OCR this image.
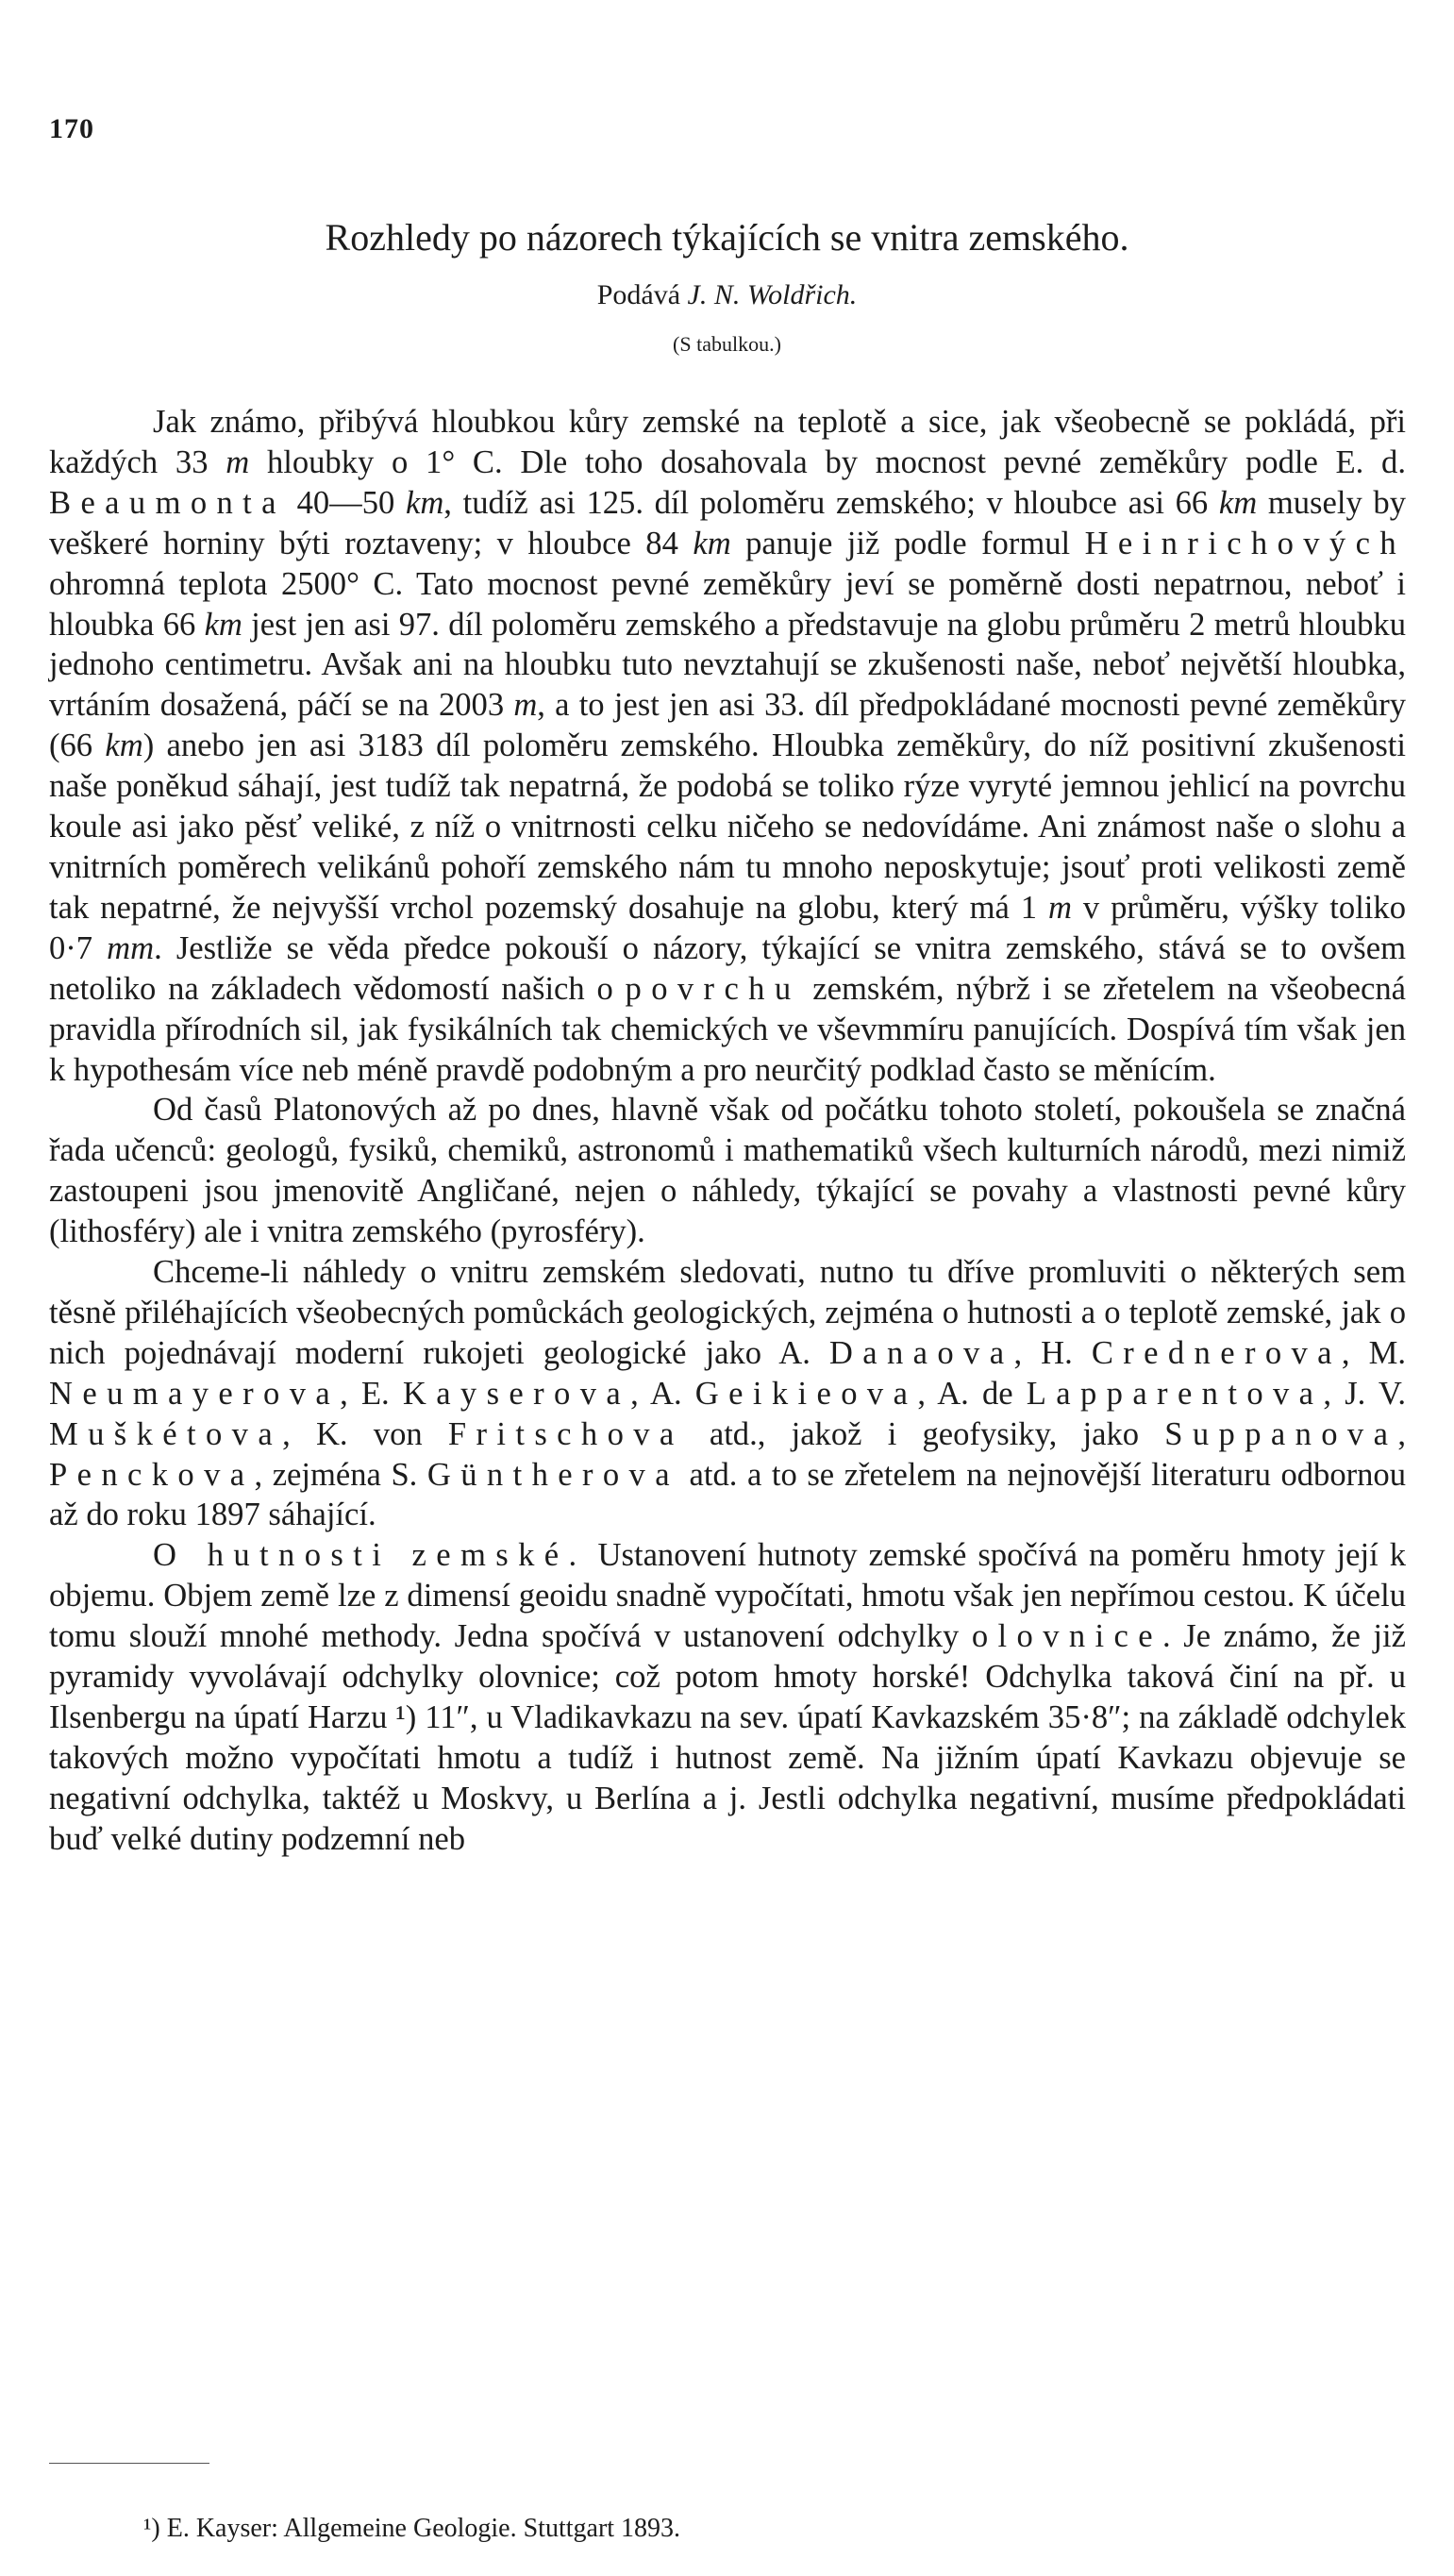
170
Rozhledy po názorech týkajících se vnitra zemského.
Podává J. N. Woldřich.
(S tabulkou.)

Jak známo, přibývá hloubkou kůry zemské na teplotě a sice, jak všeobecně se pokládá, při každých 33 m hloubky o 1° C. Dle toho dosahovala by mocnost pevné zeměkůry podle E. d. Beaumonta 40—50 km, tudíž asi 125. díl poloměru zemského; v hloubce asi 66 km musely by veškeré horniny býti roztaveny; v hloubce 84 km panuje již podle formul Heinrichových ohromná teplota 2500° C. Tato mocnost pevné zeměkůry jeví se poměrně dosti nepatrnou, neboť i hloubka 66 km jest jen asi 97. díl poloměru zemského a představuje na globu průměru 2 metrů hloubku jednoho centimetru. Avšak ani na hloubku tuto nevztahují se zkušenosti naše, neboť největší hloubka, vrtáním dosažená, páčí se na 2003 m, a to jest jen asi 33. díl předpokládané mocnosti pevné zeměkůry (66 km) anebo jen asi 3183 díl poloměru zemského. Hloubka zeměkůry, do níž positivní zkušenosti naše poněkud sáhají, jest tudíž tak nepatrná, že podobá se toliko rýze vyryté jemnou jehlicí na povrchu koule asi jako pěsť veliké, z níž o vnitrnosti celku ničeho se nedovídáme. Ani známost naše o slohu a vnitrních poměrech velikánů pohoří zemského nám tu mnoho neposkytuje; jsouť proti velikosti země tak nepatrné, že nejvyšší vrchol pozemský dosahuje na globu, který má 1 m v průměru, výšky toliko 0·7 mm. Jestliže se věda předce pokouší o názory, týkající se vnitra zemského, stává se to ovšem netoliko na základech vědomostí našich o povrchu zemském, nýbrž i se zřetelem na všeobecná pravidla přírodních sil, jak fysikálních tak chemických ve vševmmíru panujících. Dospívá tím však jen k hypothesám více neb méně pravdě podobným a pro neurčitý podklad často se měnícím.

Od časů Platonových až po dnes, hlavně však od počátku tohoto století, pokoušela se značná řada učenců: geologů, fysiků, chemiků, astronomů i mathematiků všech kulturních národů, mezi nimiž zastoupeni jsou jmenovitě Angličané, nejen o náhledy, týkající se povahy a vlastnosti pevné kůry (lithosféry) ale i vnitra zemského (pyrosféry).

Chceme-li náhledy o vnitru zemském sledovati, nutno tu dříve promluviti o některých sem těsně přiléhajících všeobecných pomůckách geologických, zejména o hutnosti a o teplotě zemské, jak o nich pojednávají moderní rukojeti geologické jako A. Danaova, H. Crednerova, M. Neumayerova, E. Kayserova, A. Geikieova, A. de Lapparentova, J. V. Muškétova, K. von Fritschova atd., jakož i geofysiky, jako Suppanova, Penckova, zejména S. Güntherova atd. a to se zřetelem na nejnovější literaturu odbornou až do roku 1897 sáhající.

O hutnosti zemské. Ustanovení hutnoty zemské spočívá na poměru hmoty její k objemu. Objem země lze z dimensí geoidu snadně vypočítati, hmotu však jen nepřímou cestou. K účelu tomu slouží mnohé methody. Jedna spočívá v ustanovení odchylky olovnice. Je známo, že již pyramidy vyvolávají odchylky olovnice; což potom hmoty horské! Odchylka taková činí na př. u Ilsenbergu na úpatí Harzu ¹) 11″, u Vladikavkazu na sev. úpatí Kavkazském 35·8″; na základě odchylek takových možno vypočítati hmotu a tudíž i hutnost země. Na jižním úpatí Kavkazu objevuje se negativní odchylka, taktéž u Moskvy, u Berlína a j. Jestli odchylka negativní, musíme předpokládati buď velké dutiny podzemní neb

¹) E. Kayser: Allgemeine Geologie. Stuttgart 1893.
